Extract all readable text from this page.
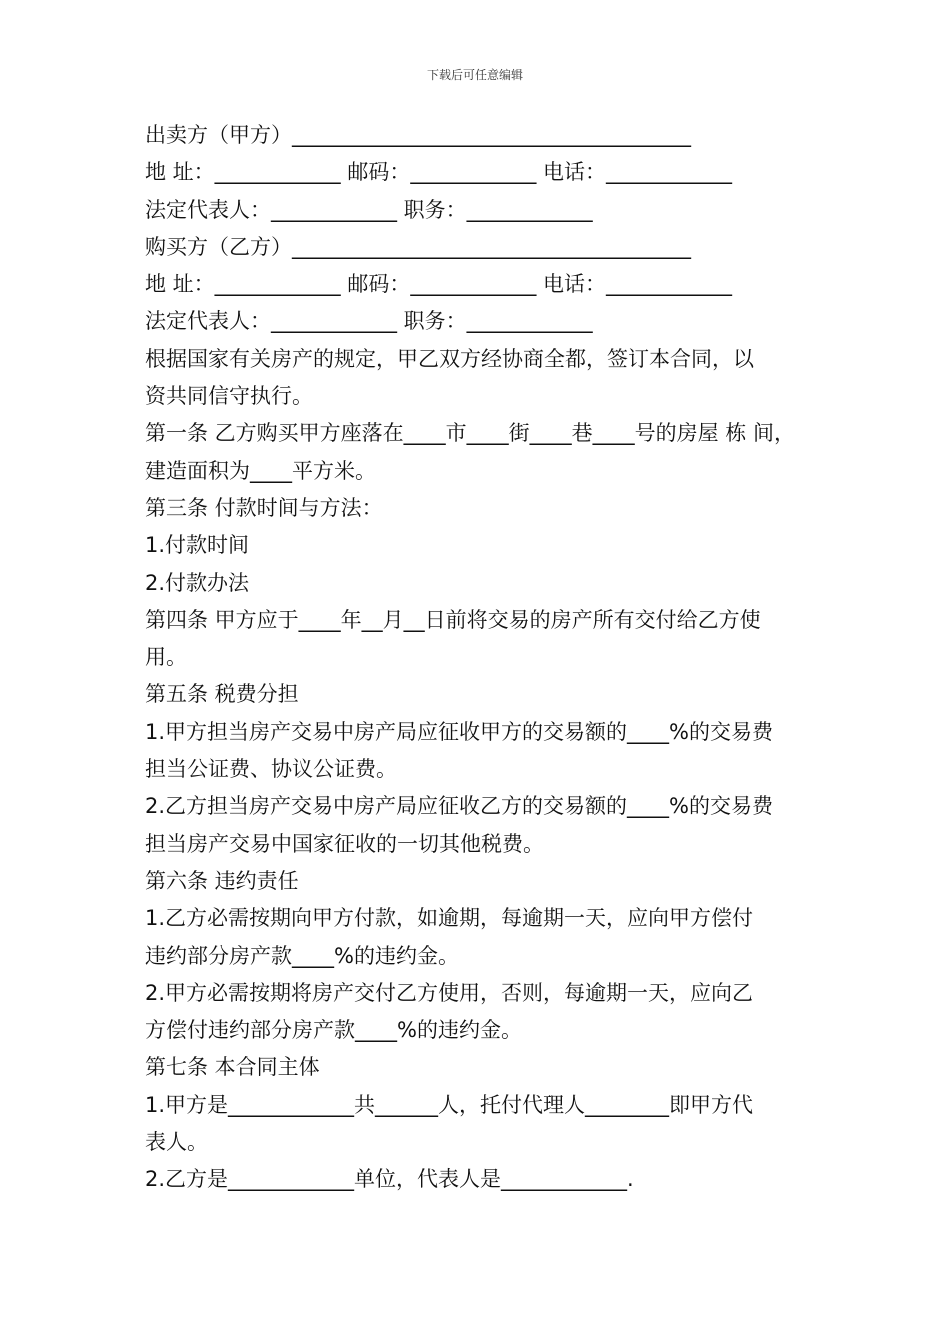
下载后可任意编辑
出卖方（甲方）______________________________________
地 址：____________ 邮码：____________ 电话：____________
法定代表人：____________ 职务：____________
购买方（乙方）______________________________________
地 址：____________ 邮码：____________ 电话：____________
法定代表人：____________ 职务：____________
根据国家有关房产的规定，甲乙双方经协商全都，签订本合同，以
资共同信守执行。
第一条 乙方购买甲方座落在____市____街____巷____号的房屋 栋 间，
建造面积为____平方米。
第三条 付款时间与方法：
1.付款时间
2.付款办法
第四条 甲方应于____年__月__日前将交易的房产所有交付给乙方使
用。
第五条 税费分担
1.甲方担当房产交易中房产局应征收甲方的交易额的____%的交易费
担当公证费、协议公证费。
2.乙方担当房产交易中房产局应征收乙方的交易额的____%的交易费
担当房产交易中国家征收的一切其他税费。
第六条 违约责任
1.乙方必需按期向甲方付款，如逾期，每逾期一天，应向甲方偿付
违约部分房产款____%的违约金。
2.甲方必需按期将房产交付乙方使用，否则，每逾期一天，应向乙
方偿付违约部分房产款____%的违约金。
第七条 本合同主体
1.甲方是____________共______人，托付代理人________即甲方代
表人。
2.乙方是____________单位，代表人是____________.
